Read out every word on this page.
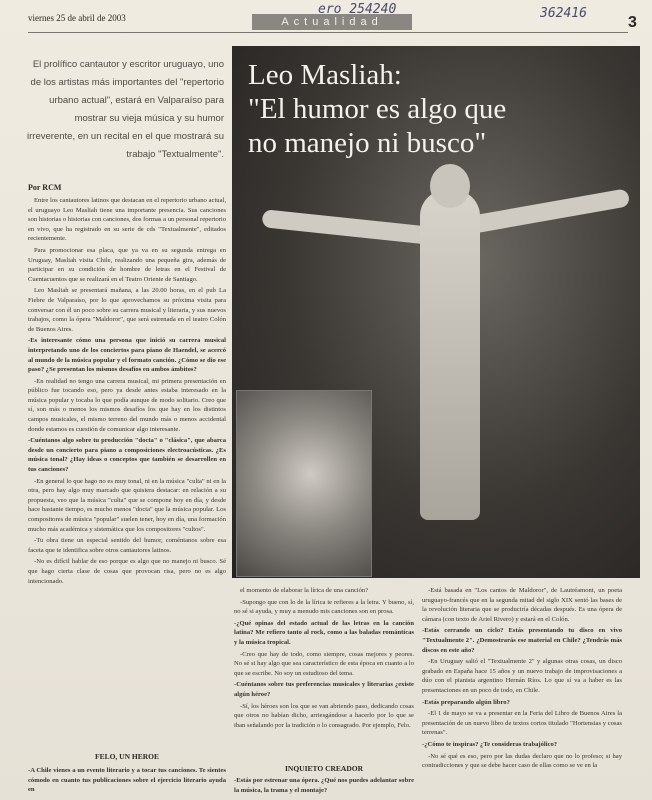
viernes 25 de abril de 2003	Actualidad
ero 254240	362416
3
El prolífico cantautor y escritor uruguayo, uno de los artistas más importantes del "repertorio urbano actual", estará en Valparaíso para mostrar su vieja música y su humor irreverente, en un recital en el que mostrará su trabajo "Textualmente".
Leo Masliah:
"El humor es algo que
no manejo ni busco"
Por RCM

Entre los cantautores latinos que destacan en el repertorio urbano actual, el uruguayo Leo Masliah tiene una importante presencia. Sus canciones son historias o historias con canciones, dos formas a un personal repertorio en vivo, que ha registrado en su serie de cds "Textualmente", editados recientemente.

Para promocionar esa placa, que ya va en su segunda entrega en Uruguay, Masliah visita Chile, realizando una pequeña gira, además de participar en su condición de hombre de letras en el Festival de Cuentacuentos que se realizará en el Teatro Oriente de Santiago.

Leo Masliah se presentará mañana, a las 20.00 horas, en el pub La Fiebre de Valparaíso, por lo que aprovechamos su próxima visita para conversar con él un poco sobre su carrera musical y literaria, y sus nuevos trabajos, como la ópera "Maldoror", que será estrenada en el teatro Colón de Buenos Aires.

-Es interesante cómo una persona que inició su carrera musical interpretando uno de los conciertos para piano de Haendel, se acercó al mundo de la música popular y el formato canción. ¿Cómo se dio ese paso? ¿Se presentan los mismos desafíos en ambos ámbitos?

-En realidad no tengo una carrera musical, mi primera presentación en público fue tocando eso, pero ya desde antes estaba interesado en la música popular y tocaba lo que podía aunque de modo solitario. Creo que sí, son más o menos los mismos desafíos los que hay en los distintos campos musicales, el mismo terreno del mundo más o menos accidental donde estamos es cuestión de comunicar algo interesante.

-Cuéntanos algo sobre tu producción "docta" o "clásica", que abarca desde un concierto para piano a composiciones electroacústicas. ¿Es música tonal? ¿Hay ideas o conceptos que también se desarrollen en tus canciones?

-En general lo que hago no es muy tonal, ni en la música "culta" ni en la otra, pero hay algo muy marcado que quisiera destacar: en relación a su propuesta, veo que la música "culta" que se compone hoy en día, y desde hace bastante tiempo, es mucho menos "docta" que la música popular. Los compositores de música "popular" suelen tener, hoy en día, una formación mucho más académica y sistemática que los compositores "cultos".

-Tu obra tiene un especial sentido del humor, coméntanos sobre esa faceta que te identifica sobre otros cantautores latinos.

-No es difícil hablar de eso porque es algo que no manejo ni busco. Sé que hago cierta clase de cosas que provocan risa, pero no es algo intencionado.

FELO, UN HEROE
-A Chile vienes a un evento literario y a tocar tus canciones. Te sientes cómodo en cuanto tus publicaciones sobre el ejercicio literario ayuda en

el momento de elaborar la lírica de una canción?

-Supongo que con lo de la lírica te refieres a la letra. Y bueno, sí, no sé si ayuda, y muy a menudo mis canciones son en prosa.

-¿Qué opinas del estado actual de las letras en la canción latina? Me refiero tanto al rock, como a las baladas románticas y la música tropical.

-Creo que hay de todo, como siempre, cosas mejores y peores. No sé si hay algo que sea característico de esta época en cuanto a lo que se escribe. No soy un estudioso del tema.

-Cuéntanos sobre tus preferencias musicales y literarias ¿existe algún héroe?

-Sí, los héroes son los que se van abriendo paso, dedicando cosas que otros no habían dicho, arriesgándose a hacerlo por lo que se iban señalando por la tradición o lo consagrado. Por ejemplo, Felo.

INQUIETO CREADOR
-Estás por estrenar una ópera. ¿Qué nos puedes adelantar sobre la música, la trama y el montaje?

-Está basada en "Los cantos de Maldoror", de Lautréamont, un poeta uruguayo-francés que en la segunda mitad del siglo XIX sentó las bases de la revolución literaria que se produciría décadas después. Es una ópera de cámara (con texto de Ariel Rivero) y estará en el Colón.

-Estás cerrando un ciclo? Estás presentando tu disco en vivo "Textualmente 2". ¿Demostrarás ese material en Chile? ¿Tendrás más discos en este año?

-En Uruguay salió el "Textualmente 2" y algunas otras cosas, un disco grabado en España hace 15 años y un nuevo trabajo de improvisaciones a dúo con el pianista argentino Hernán Ríos. Lo que sí va a haber es las presentaciones en un poco de todo, en Chile.

-Estás preparando algún libro?

-El 1 de mayo se va a presentar en la Feria del Libro de Buenos Aires la presentación de un nuevo libro de textos cortos titulado "Hortensias y cosas terrenas".

-¿Cómo te inspiras? ¿Te consideras trabajólico?

-No sé qué es eso, pero por las dudas declaro que no lo profeso; si hay contradicciones y que se debe hacer caso de ellas como se ve en la
